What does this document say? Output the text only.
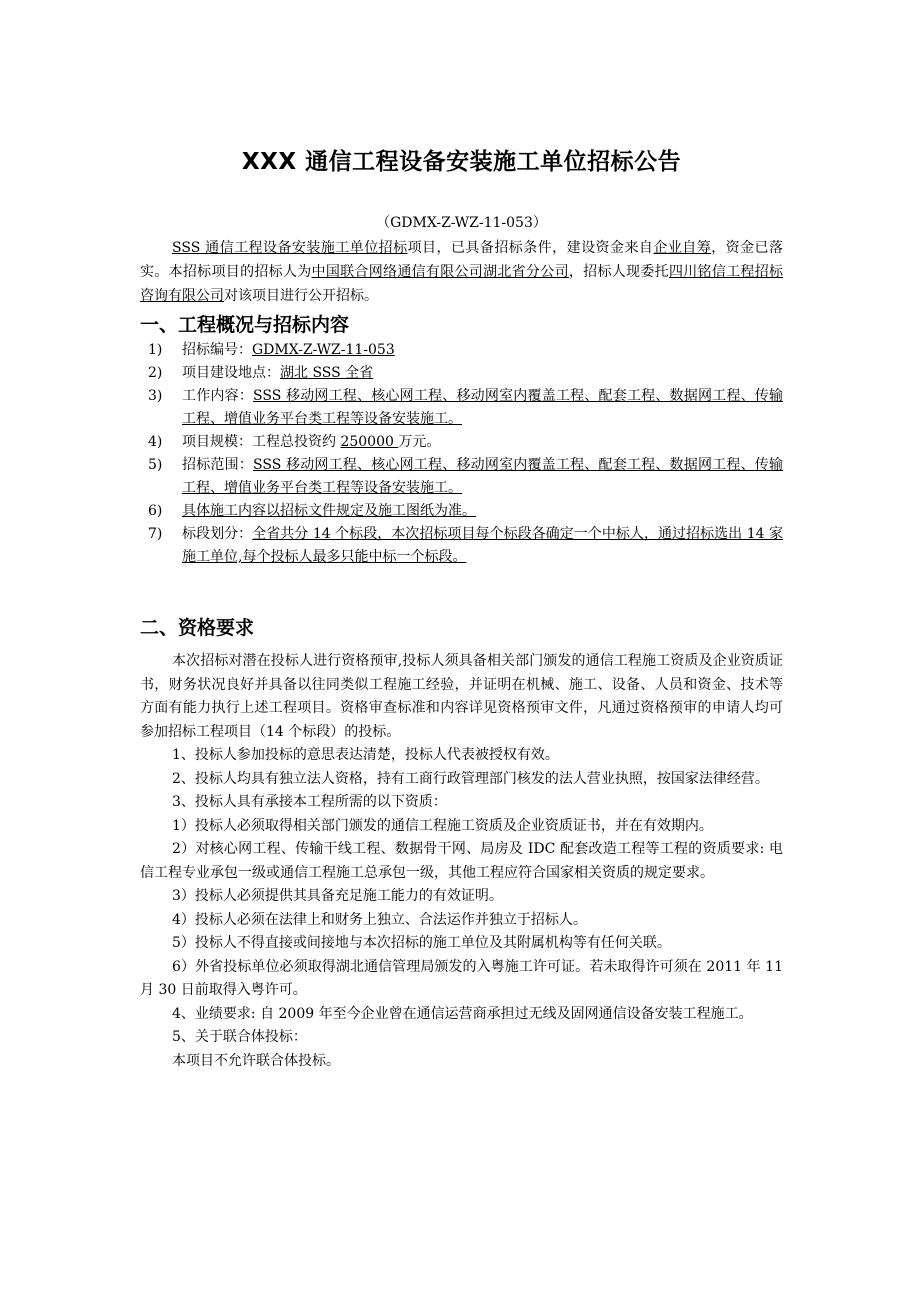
XXX 通信工程设备安装施工单位招标公告
（GDMX-Z-WZ-11-053）
SSS 通信工程设备安装施工单位招标项目，已具备招标条件，建设资金来自企业自筹，资金已落实。本招标项目的招标人为中国联合网络通信有限公司湖北省分公司，招标人现委托四川铭信工程招标咨询有限公司对该项目进行公开招标。
一、工程概况与招标内容
1) 招标编号：GDMX-Z-WZ-11-053
2) 项目建设地点：湖北 SSS 全省
3) 工作内容：SSS 移动网工程、核心网工程、移动网室内覆盖工程、配套工程、数据网工程、传输工程、增值业务平台类工程等设备安装施工。
4) 项目规模：工程总投资约 250000 万元。
5) 招标范围：SSS 移动网工程、核心网工程、移动网室内覆盖工程、配套工程、数据网工程、传输工程、增值业务平台类工程等设备安装施工。
6) 具体施工内容以招标文件规定及施工图纸为准。
7) 标段划分：全省共分 14 个标段，本次招标项目每个标段各确定一个中标人，通过招标选出 14 家施工单位,每个投标人最多只能中标一个标段。
二、资格要求

本次招标对潜在投标人进行资格预审,投标人须具备相关部门颁发的通信工程施工资质及企业资质证书，财务状况良好并具备以往同类似工程施工经验，并证明在机械、施工、设备、人员和资金、技术等方面有能力执行上述工程项目。资格审查标准和内容详见资格预审文件，凡通过资格预审的申请人均可参加招标工程项目（14 个标段）的投标。

1、投标人参加投标的意思表达清楚，投标人代表被授权有效。

2、投标人均具有独立法人资格，持有工商行政管理部门核发的法人营业执照，按国家法律经营。

3、投标人具有承接本工程所需的以下资质：

1）投标人必须取得相关部门颁发的通信工程施工资质及企业资质证书，并在有效期内。

2）对核心网工程、传输干线工程、数据骨干网、局房及 IDC 配套改造工程等工程的资质要求: 电信工程专业承包一级或通信工程施工总承包一级，其他工程应符合国家相关资质的规定要求。

3）投标人必须提供其具备充足施工能力的有效证明。

4）投标人必须在法律上和财务上独立、合法运作并独立于招标人。

5）投标人不得直接或间接地与本次招标的施工单位及其附属机构等有任何关联。

6）外省投标单位必须取得湖北通信管理局颁发的入粤施工许可证。若未取得许可须在 2011 年 11 月 30 日前取得入粤许可。

4、业绩要求: 自 2009 年至今企业曾在通信运营商承担过无线及固网通信设备安装工程施工。

5、关于联合体投标：

本项目不允许联合体投标。
